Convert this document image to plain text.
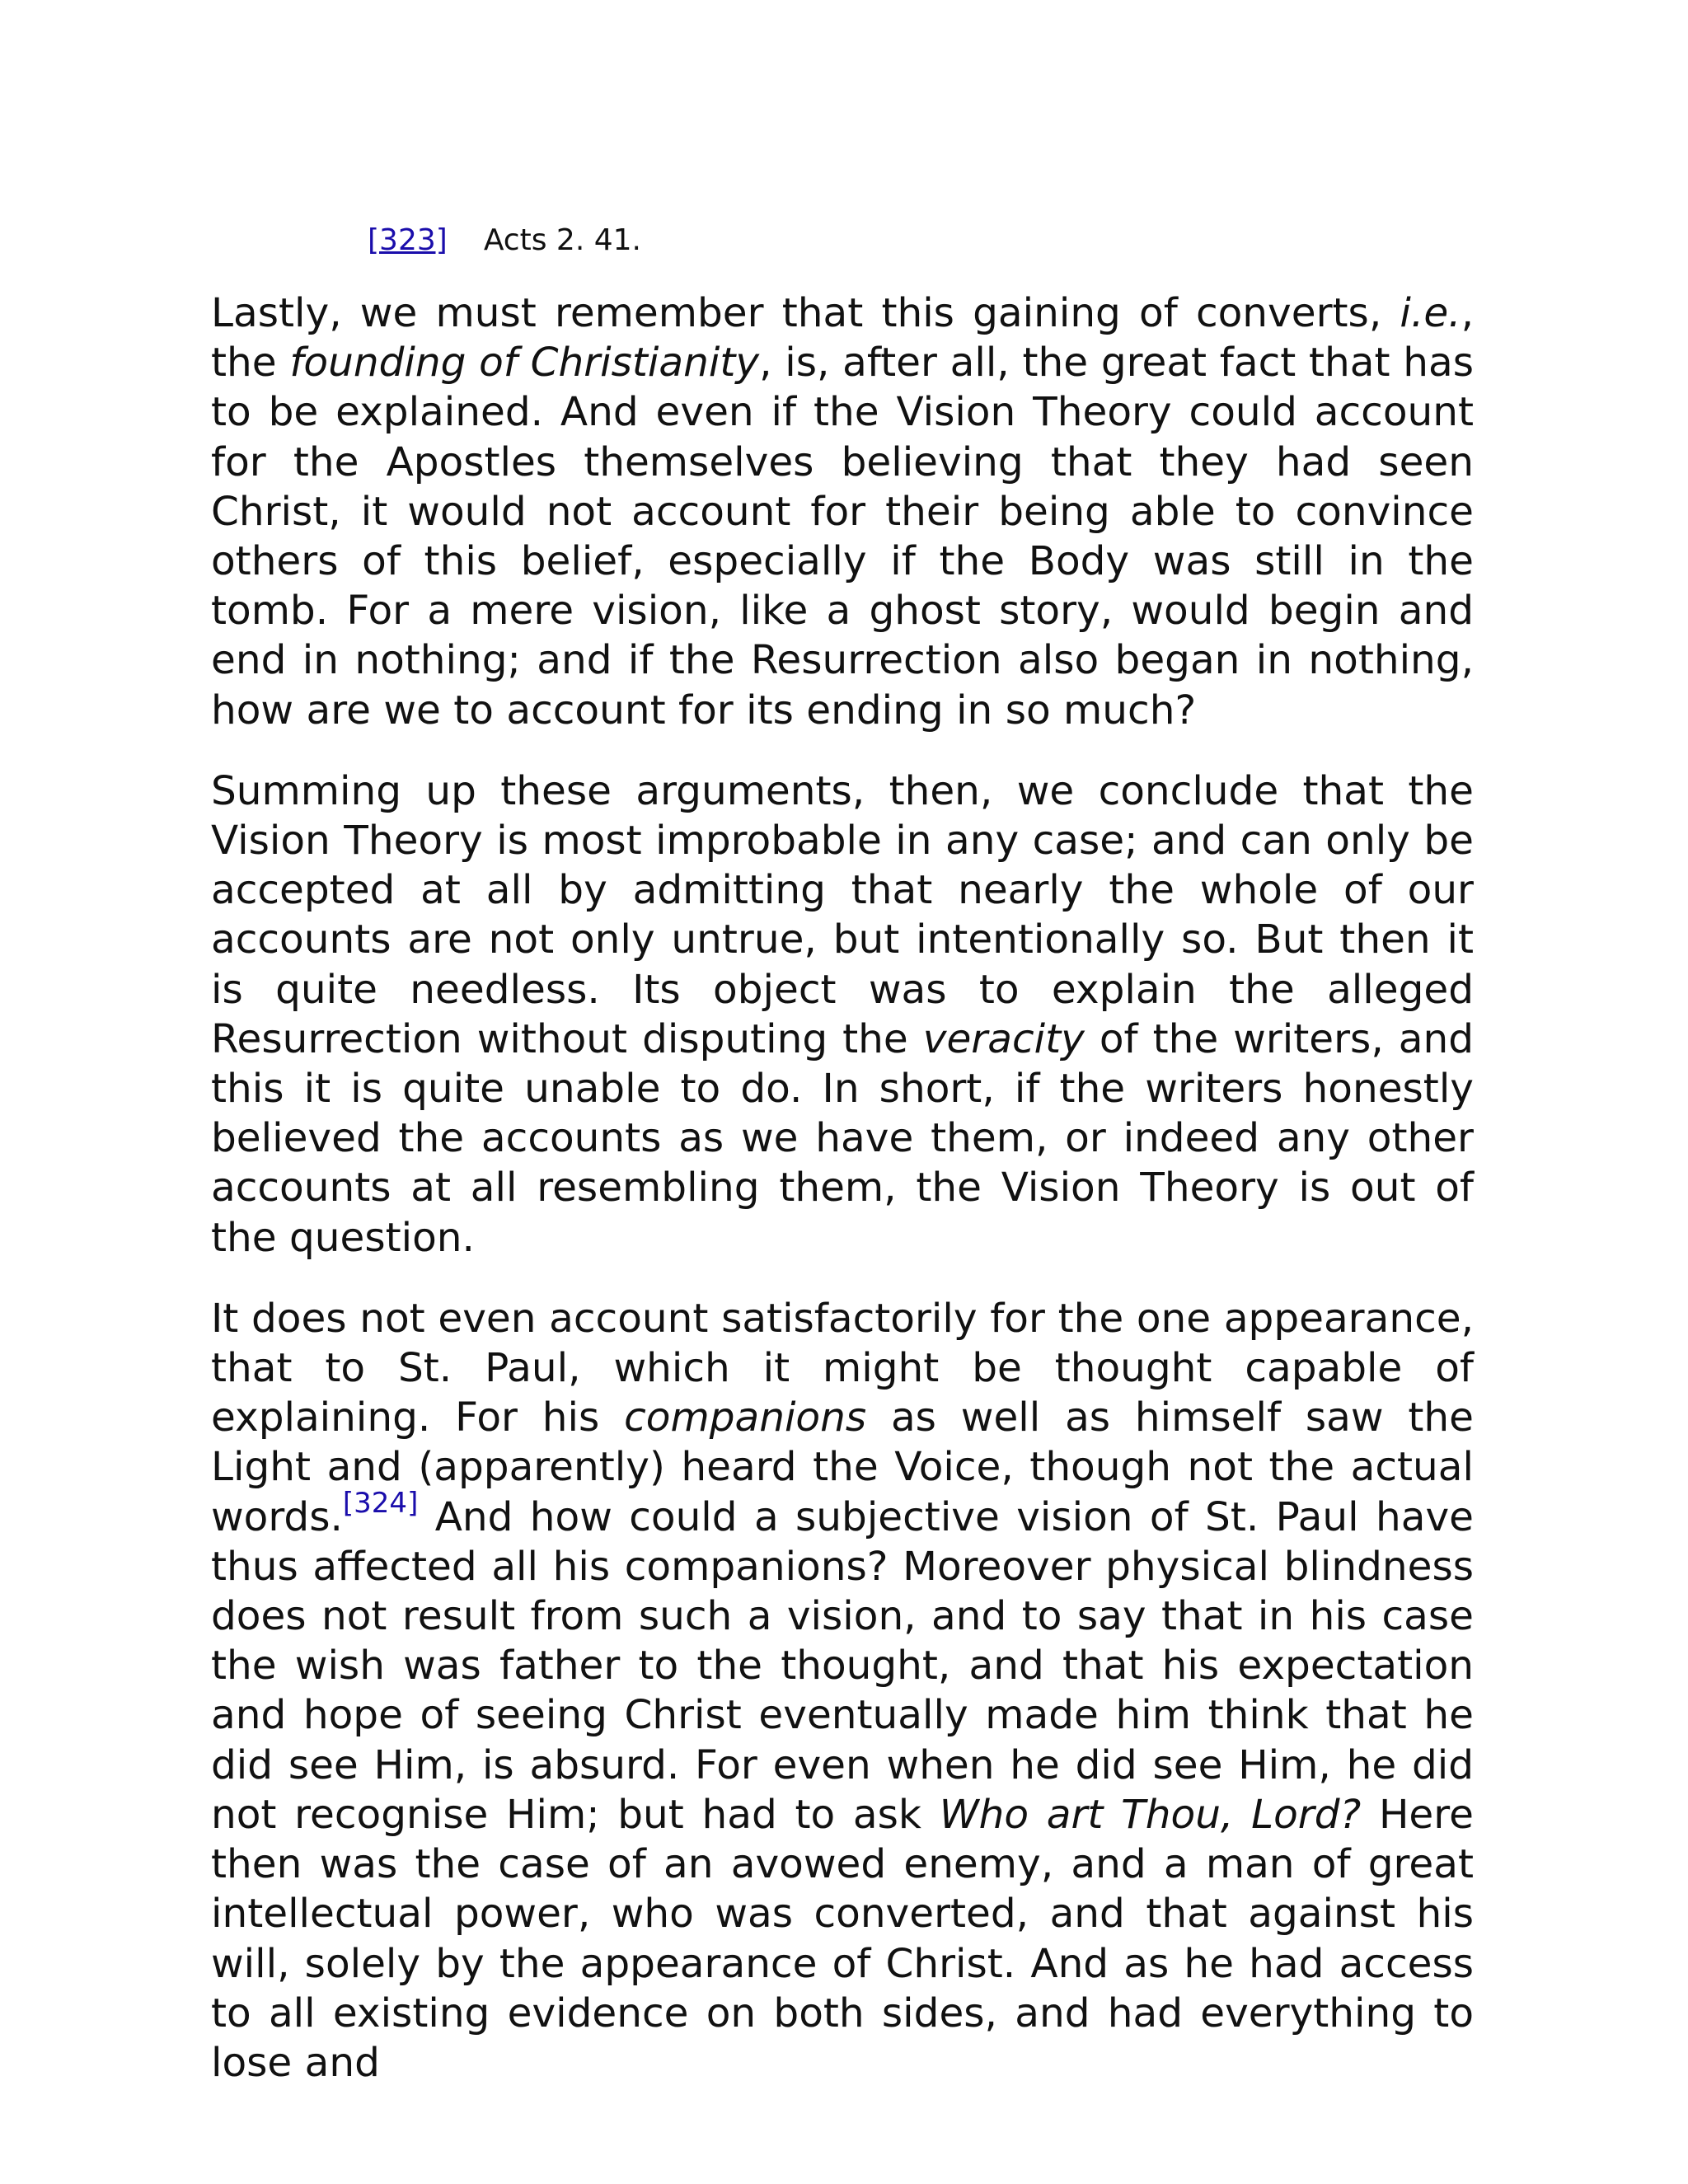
[323] Acts 2. 41.

Lastly, we must remember that this gaining of converts, i.e., the founding of Christianity, is, after all, the great fact that has to be explained. And even if the Vision Theory could account for the Apostles themselves believing that they had seen Christ, it would not account for their being able to convince others of this belief, especially if the Body was still in the tomb. For a mere vision, like a ghost story, would begin and end in nothing; and if the Resurrection also began in nothing, how are we to account for its ending in so much?

Summing up these arguments, then, we conclude that the Vision Theory is most improbable in any case; and can only be accepted at all by admitting that nearly the whole of our accounts are not only untrue, but intentionally so. But then it is quite needless. Its object was to explain the alleged Resurrection without disputing the veracity of the writers, and this it is quite unable to do. In short, if the writers honestly believed the accounts as we have them, or indeed any other accounts at all resembling them, the Vision Theory is out of the question.

It does not even account satisfactorily for the one appearance, that to St. Paul, which it might be thought capable of explaining. For his companions as well as himself saw the Light and (apparently) heard the Voice, though not the actual words.[324] And how could a subjective vision of St. Paul have thus affected all his companions? Moreover physical blindness does not result from such a vision, and to say that in his case the wish was father to the thought, and that his expectation and hope of seeing Christ eventually made him think that he did see Him, is absurd. For even when he did see Him, he did not recognise Him; but had to ask Who art Thou, Lord? Here then was the case of an avowed enemy, and a man of great intellectual power, who was converted, and that against his will, solely by the appearance of Christ. And as he had access to all existing evidence on both sides, and had everything to lose and
